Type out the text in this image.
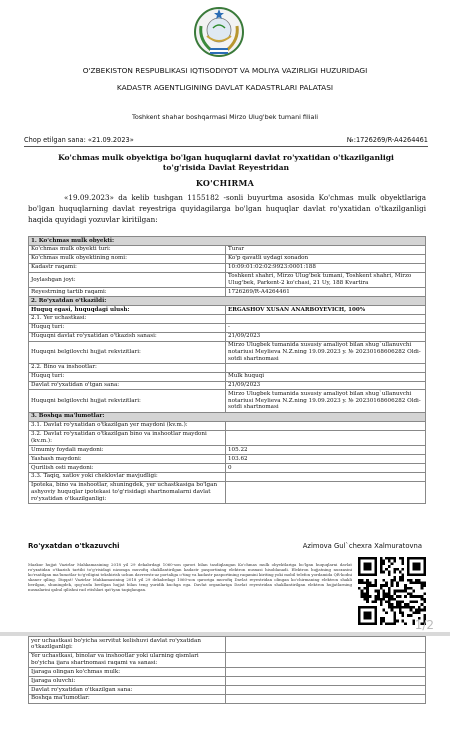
O'ZBEKISTON RESPUBLIKASI IQTISODIYOT VA MOLIYA VAZIRLIGI HUZURIDAGI
KADASTR AGENTLIGINING DAVLAT KADASTRLARI PALATASI
Toshkent shahar boshqarmasi Mirzo Ulug'bek tumani filiali
Chop etilgan sana: «21.09.2023»	№:1726269/R-A4264461
Ko'chmas mulk obyektiga bo'lgan huquqlarni davlat ro'yxatidan o'tkazilganligi to'g'risida Davlat Reyestridan
KO'CHIRMA
«19.09.2023» da kelib tushgan 1155182 -sonli buyurtma asosida Ko'chmas mulk obyektlariga bo'lgan huquqlarning davlat reyestriga quyidagilarga bo'lgan huquqlar davlat ro'yxatidan o'tkazilganligi haqida quyidagi yozuvlar kiritilgan:
1. Ko'chmas mulk obyekti:	
Ko'chmas mulk obyekti turi:	Turar
Ko'chmas mulk obyektining nomi:	Ko'p qavatli uydagi xonadon
Kadastr raqami:	10:09:01:02:02:9923:0001:188
Joylashgan joyi:	Toshkent shahri, Mirzo Ulug'bek tumani, Toshkent shahri, Mirzo Ulug'bek, Parkent-2 ko'chasi, 21 Uy, 188 Kvartira
Reyestrning tartib raqami:	1726269/R-A4264461
2. Ro'yxatdan o'tkazildi:	
Huquq egasi, huquqdagi ulush:	ERGASHOV XUSAN ANARBOYEVICH, 100%
2.1. Yer uchastkasi:	
Huquq turi:	-
Huquqni davlat ro'yxatidan o'tkazish sanasi:	21/09/2023
Huquqni belgilovchi hujjat rekvizitlari:	Mirzo Ulugbek tumanida xususiy amaliyot bilan shug`ullanuvchi notariusi Meylieva N.Z.ning 19.09.2023 y. № 20230168606282 Oldi-sotdi shartnomasi
2.2. Bino va inshootlar:	
Huquq turi:	Mulk huquqi
Davlat ro'yxatidan o'tgan sana:	21/09/2023
Huquqni belgilovchi hujjat rekvizitlari:	Mirzo Ulugbek tumanida xususiy amaliyot bilan shug`ullanuvchi notariusi Meylieva N.Z.ning 19.09.2023 y. № 20230168606282 Oldi-sotdi shartnomasi
3. Boshqa ma'lumotlar:	
3.1. Davlat ro'yxatidan o'tkazilgan yer maydoni (kv.m.):	
3.2. Davlat ro'yxatidan o'tkazilgan bino va inshootlar maydoni (kv.m.):	
Umumiy foydali maydoni:	105.22
Yashash maydoni:	103.62
Qurilish osti maydoni:	0
3.3. Taqiq, xatlov yoki cheklovlar mavjudligi:	
Ipoteka, bino va inshootlar, shuningdek, yer uchastkasiga bo'lgan ashyoviy huquqlar ipotekasi to'g'risidagi shartnomalarni davlat ro'yxatidan o'tkazilganligi:	
Ro'yxatdan o'tkazuvchi	Azimova Gul`chexra Xalmuratovna
Mazkur hujjat Vazirlar Mahkamasining 2018 yil 29 dekabrdagi 1060-son qarori bilan tasdiqlangan Ko'chmas mulk obyektlariga bo'lgan huquqlarni davlat ro'yxatidan o'tkazish tartibi to'g'risidagi nizomga muvofiq shakllantirilgan kadastr pasportining elektron nusxasi hisoblanadi. Elektron hujjatning nusxasini ko'rsatilgan ma'lumotlar to'g'riligini tekshirish uchun davreestr.uz portaliga o'ting va kadastr pasportining raqamini kiriting yoki mobil telefon yordamida QR-kodni skaner qiling. Diqqat! Vazirlar Mahkamasining 2018 yil 29 dekabrdagi 1060-son qaroriga muvofiq Davlat reyestridan olingan ko'chirmaning elektron shakli berilgan, shuningdek, qog'ozda berilgan hujjat bilan teng yuridik kuchga ega. Davlat organlariga Davlat reyestridan shakllantirilgan elektron hujjatlarning nusxalarini qabul qilishni rad etishlari qat'iyan taqiqlangan.
1/2
yer uchastkasi bo'yicha servitut kelishuvi davlat ro'yxatidan o'tkazilganligi:	
Yer uchastkasi, binolar va inshootlar yoki ularning qismlari bo'yicha ijara shartnomasi raqami va sanasi:	
Ijaraga olingan ko'chmas mulk:	
Ijaraga oluvchi:	
Davlat ro'yxatidan o'tkazilgan sana:	
Boshqa ma'lumotlar:	
